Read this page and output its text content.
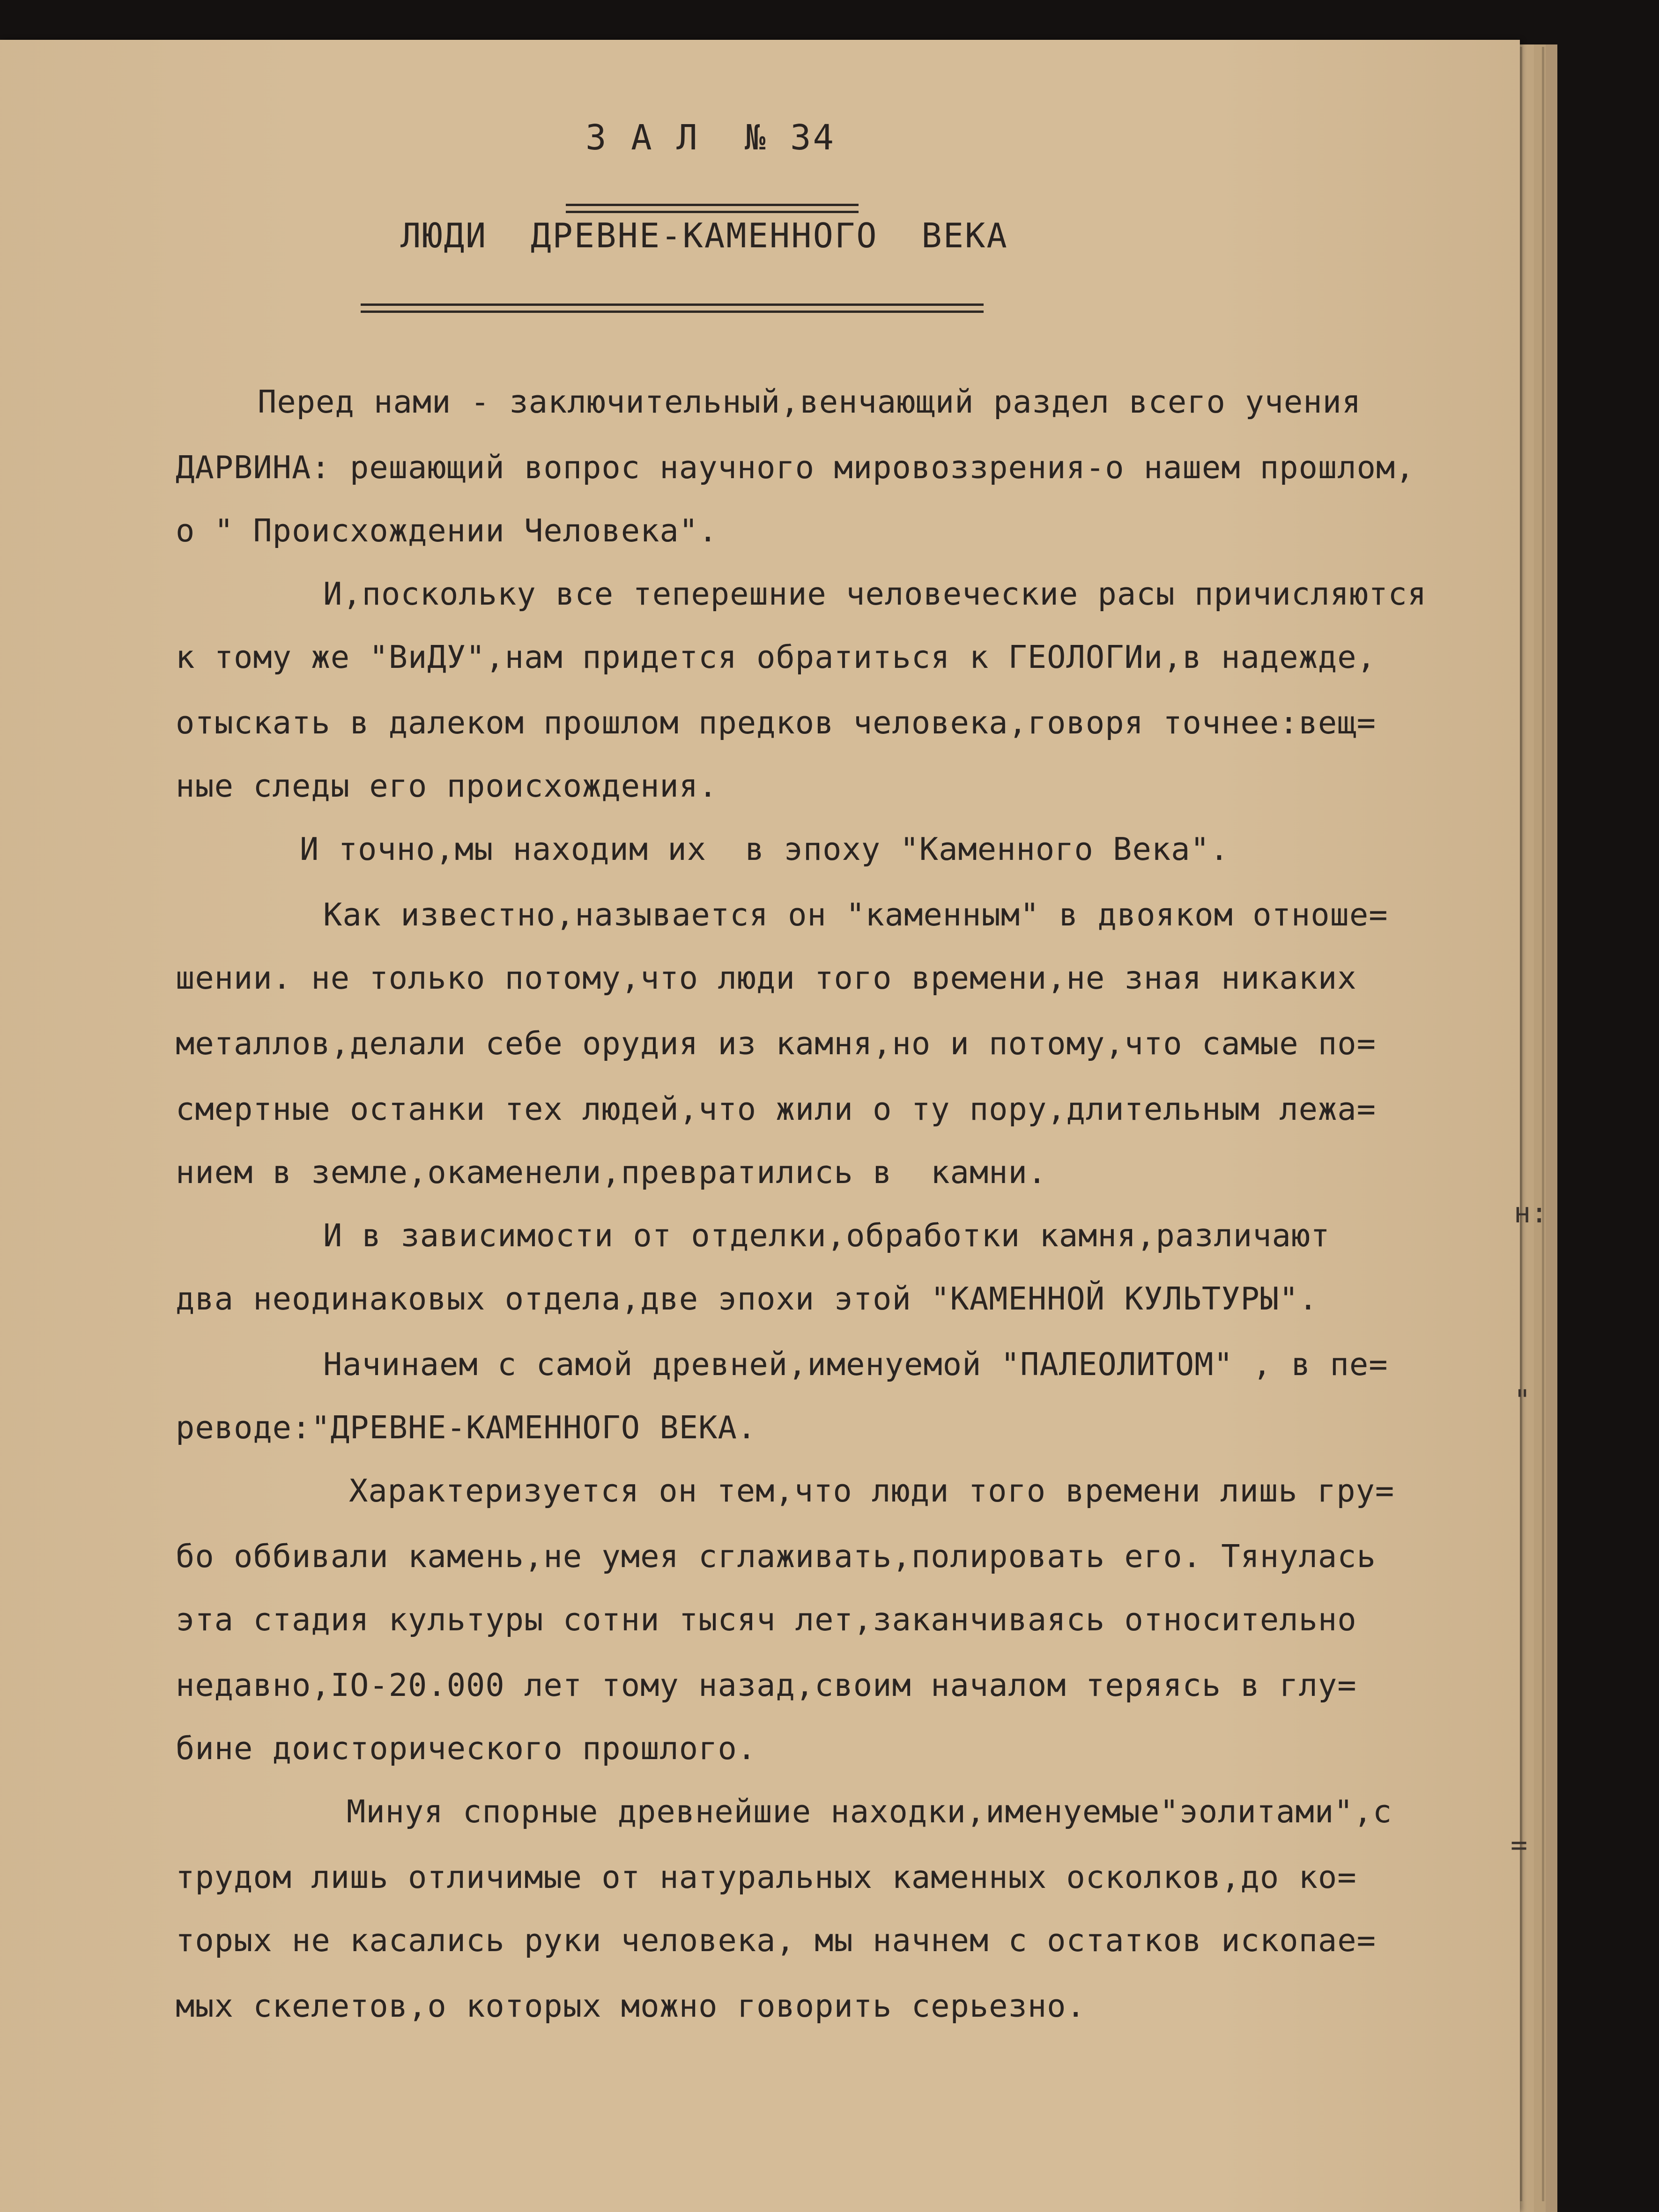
З А Л  № 34
ЛЮДИ  ДРЕВНЕ-КАМЕННОГО  ВЕКА
Перед нами - заключительный,венчающий раздел всего учения
ДАРВИНА: решающий вопрос научного мировоззрения-о нашем прошлом,
о " Происхождении Человека".
И,поскольку все теперешние человеческие расы причисляются
к тому же "ВиДУ",нам придется обратиться к ГЕОЛОГИи,в надежде,
отыскать в далеком прошлом предков человека,говоря точнее:вещ=
ные следы его происхождения.
И точно,мы находим их  в эпоху "Каменного Века".
Как известно,называется он "каменным" в двояком отноше=
шении. не только потому,что люди того времени,не зная никаких
металлов,делали себе орудия из камня,но и потому,что самые по=
смертные останки тех людей,что жили о ту пору,длительным лежа=
нием в земле,окаменели,превратились в  камни.
И в зависимости от отделки,обработки камня,различают
два неодинаковых отдела,две эпохи этой "КАМЕННОЙ КУЛЬТУРЫ".
Начинаем с самой древней,именуемой "ПАЛЕОЛИТОМ" , в пе=
реводе:"ДРЕВНЕ-КАМЕННОГО ВЕКА.
Характеризуется он тем,что люди того времени лишь гру=
бо оббивали камень,не умея сглаживать,полировать его. Тянулась
эта стадия культуры сотни тысяч лет,заканчиваясь относительно
недавно,IO-20.000 лет тому назад,своим началом теряясь в глу=
бине доисторического прошлого.
Минуя спорные древнейшие находки,именуемые"эолитами",с
трудом лишь отличимые от натуральных каменных осколков,до ко=
торых не касались руки человека, мы начнем с остатков ископае=
мых скелетов,о которых можно говорить серьезно.
н:
"
=
